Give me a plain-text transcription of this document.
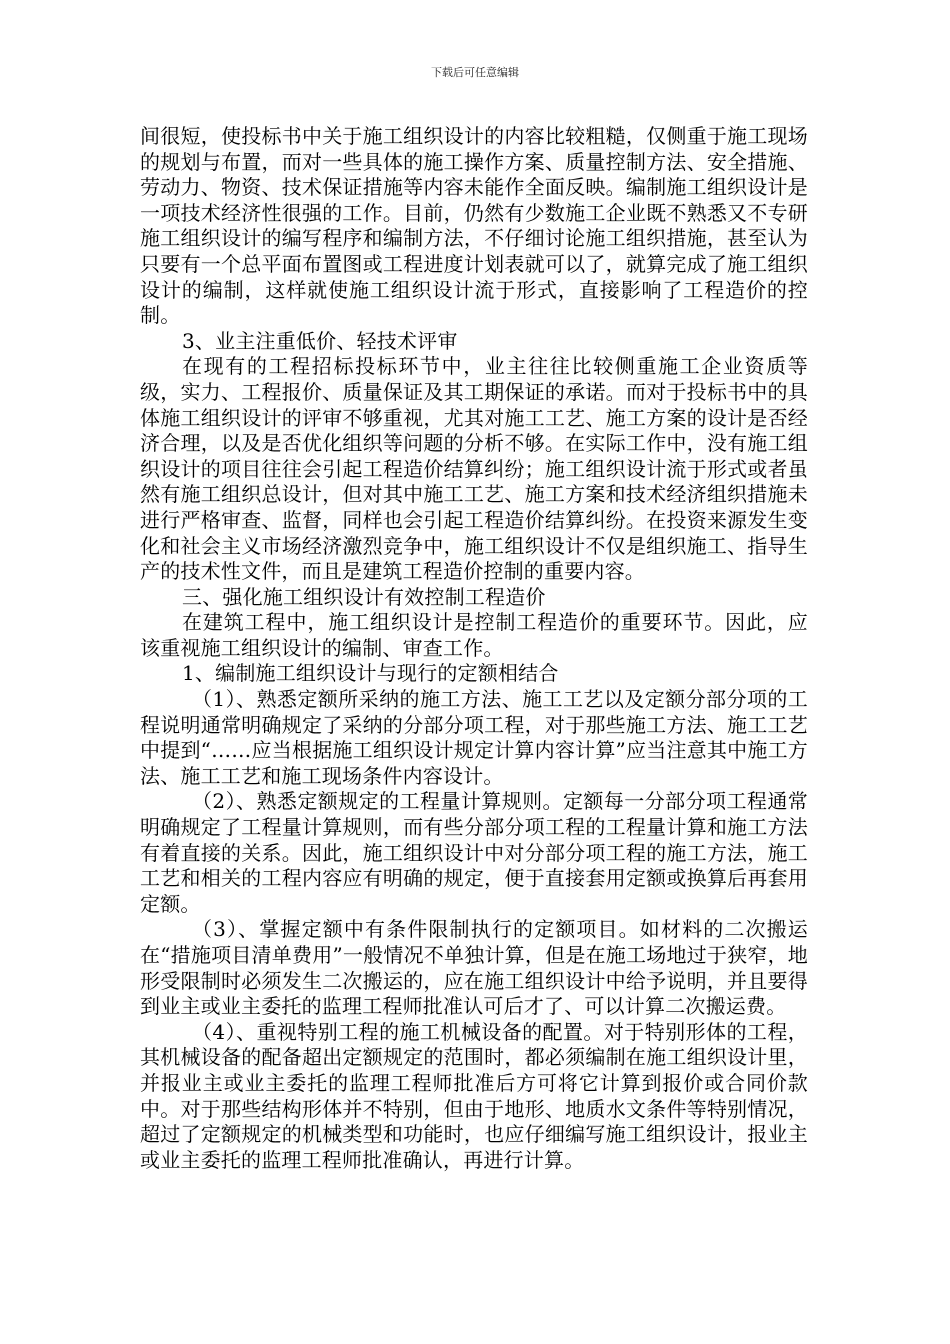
下载后可任意编辑

间很短，使投标书中关于施工组织设计的内容比较粗糙，仅侧重于施工现场的规划与布置，而对一些具体的施工操作方案、质量控制方法、安全措施、劳动力、物资、技术保证措施等内容未能作全面反映。编制施工组织设计是一项技术经济性很强的工作。目前，仍然有少数施工企业既不熟悉又不专研施工组织设计的编写程序和编制方法，不仔细讨论施工组织措施，甚至认为只要有一个总平面布置图或工程进度计划表就可以了，就算完成了施工组织设计的编制，这样就使施工组织设计流于形式，直接影响了工程造价的控制。

3、业主注重低价、轻技术评审

在现有的工程招标投标环节中，业主往往比较侧重施工企业资质等级，实力、工程报价、质量保证及其工期保证的承诺。而对于投标书中的具体施工组织设计的评审不够重视，尤其对施工工艺、施工方案的设计是否经济合理，以及是否优化组织等问题的分析不够。在实际工作中，没有施工组织设计的项目往往会引起工程造价结算纠纷；施工组织设计流于形式或者虽然有施工组织总设计，但对其中施工工艺、施工方案和技术经济组织措施未进行严格审查、监督，同样也会引起工程造价结算纠纷。在投资来源发生变化和社会主义市场经济激烈竞争中，施工组织设计不仅是组织施工、指导生产的技术性文件，而且是建筑工程造价控制的重要内容。

三、强化施工组织设计有效控制工程造价

在建筑工程中，施工组织设计是控制工程造价的重要环节。因此，应该重视施工组织设计的编制、审查工作。

1、编制施工组织设计与现行的定额相结合

（1）、熟悉定额所采纳的施工方法、施工工艺以及定额分部分项的工程说明通常明确规定了采纳的分部分项工程，对于那些施工方法、施工工艺中提到“……应当根据施工组织设计规定计算内容计算”应当注意其中施工方法、施工工艺和施工现场条件内容设计。

（2）、熟悉定额规定的工程量计算规则。定额每一分部分项工程通常明确规定了工程量计算规则，而有些分部分项工程的工程量计算和施工方法有着直接的关系。因此，施工组织设计中对分部分项工程的施工方法，施工工艺和相关的工程内容应有明确的规定，便于直接套用定额或换算后再套用 定额。

（3）、掌握定额中有条件限制执行的定额项目。如材料的二次搬运在“措施项目清单费用”一般情况不单独计算，但是在施工场地过于狭窄，地形受限制时必须发生二次搬运的，应在施工组织设计中给予说明，并且要得到业主或业主委托的监理工程师批准认可后才了、可以计算二次搬运费。

（4）、重视特别工程的施工机械设备的配置。对于特别形体的工程，其机械设备的配备超出定额规定的范围时，都必须编制在施工组织设计里，并报业主或业主委托的监理工程师批准后方可将它计算到报价或合同价款中。对于那些结构形体并不特别，但由于地形、地质水文条件等特别情况，超过了定额规定的机械类型和功能时，也应仔细编写施工组织设计，报业主或业主委托的监理工程师批准确认，再进行计算。
